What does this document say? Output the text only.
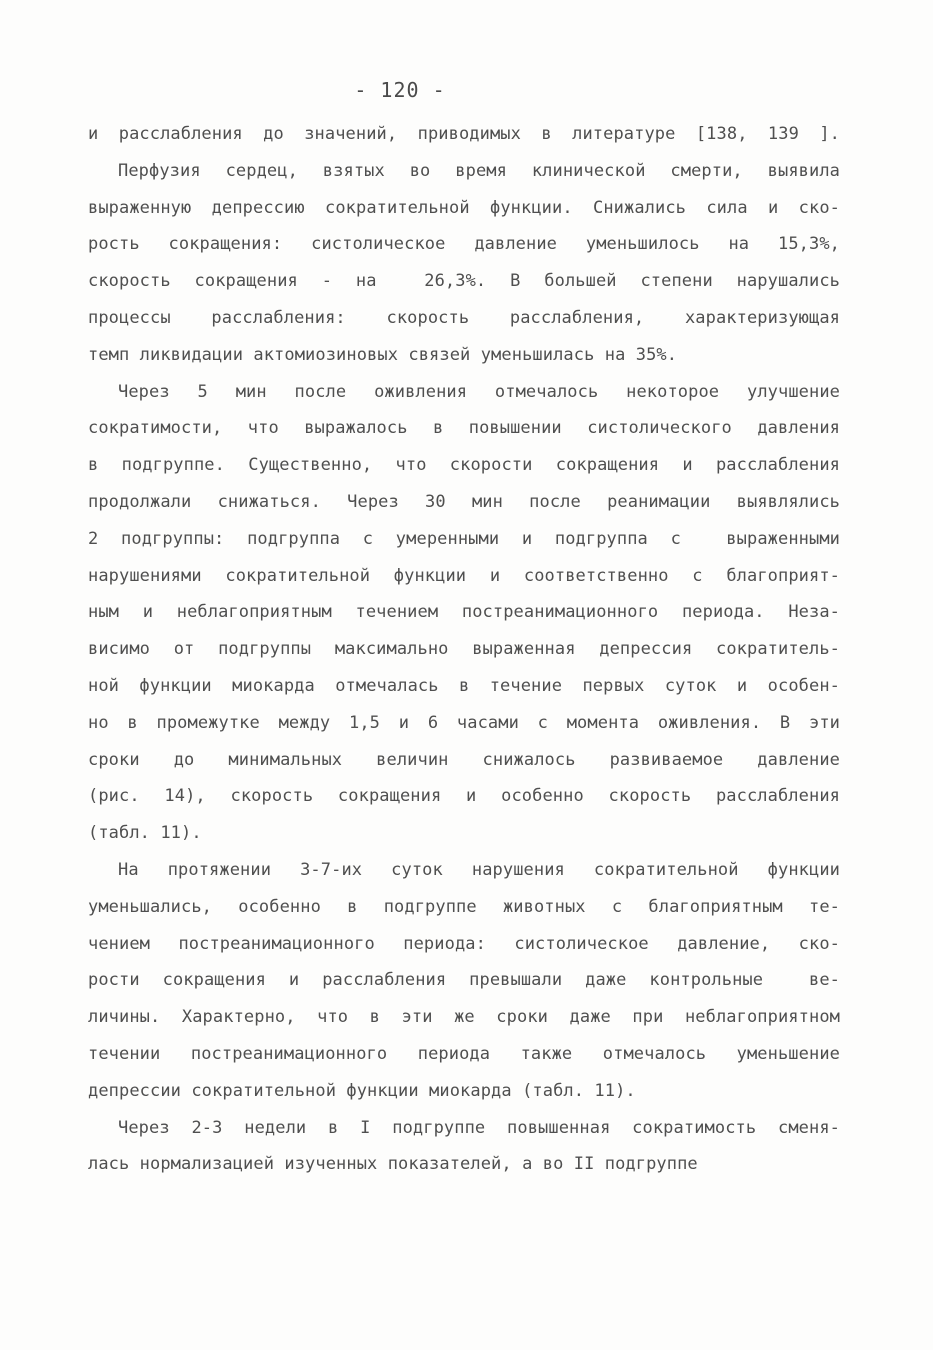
- 120 -
и расслабления до значений, приводимых в литературе [138, 139 ].
Перфузия сердец, взятых во время клинической смерти, выявила
выраженную депрессию сократительной функции. Снижались сила и ско-
рость сокращения: систолическое давление уменьшилось на 15,3%,
скорость сокращения - на  26,3%. В большей степени нарушались
процессы расслабления: скорость расслабления, характеризующая
темп ликвидации актомиозиновых связей уменьшилась на 35%.
Через 5 мин после оживления отмечалось некоторое улучшение
сократимости, что выражалось в повышении систолического давления
в подгруппе. Существенно, что скорости сокращения и расслабления
продолжали снижаться. Через 30 мин после реанимации выявлялись
2 подгруппы: подгруппа с умеренными и подгруппа с  выраженными
нарушениями сократительной функции и соответственно с благоприят-
ным и неблагоприятным течением постреанимационного периода. Неза-
висимо от подгруппы максимально выраженная депрессия сократитель-
ной функции миокарда отмечалась в течение первых суток и особен-
но в промежутке между 1,5 и 6 часами с момента оживления. В эти
сроки до минимальных величин снижалось развиваемое давление
(рис. 14), скорость сокращения и особенно скорость расслабления
(табл. 11).
На протяжении 3-7-их суток нарушения сократительной функции
уменьшались, особенно в подгруппе животных с благоприятным те-
чением постреанимационного периода: систолическое давление, ско-
рости сокращения и расслабления превышали даже контрольные  ве-
личины. Характерно, что в эти же сроки даже при неблагоприятном
течении постреанимационного периода также отмечалось уменьшение
депрессии сократительной функции миокарда (табл. 11).
Через 2-3 недели в I подгруппе повышенная сократимость сменя-
лась нормализацией изученных показателей, а во II подгруппе
